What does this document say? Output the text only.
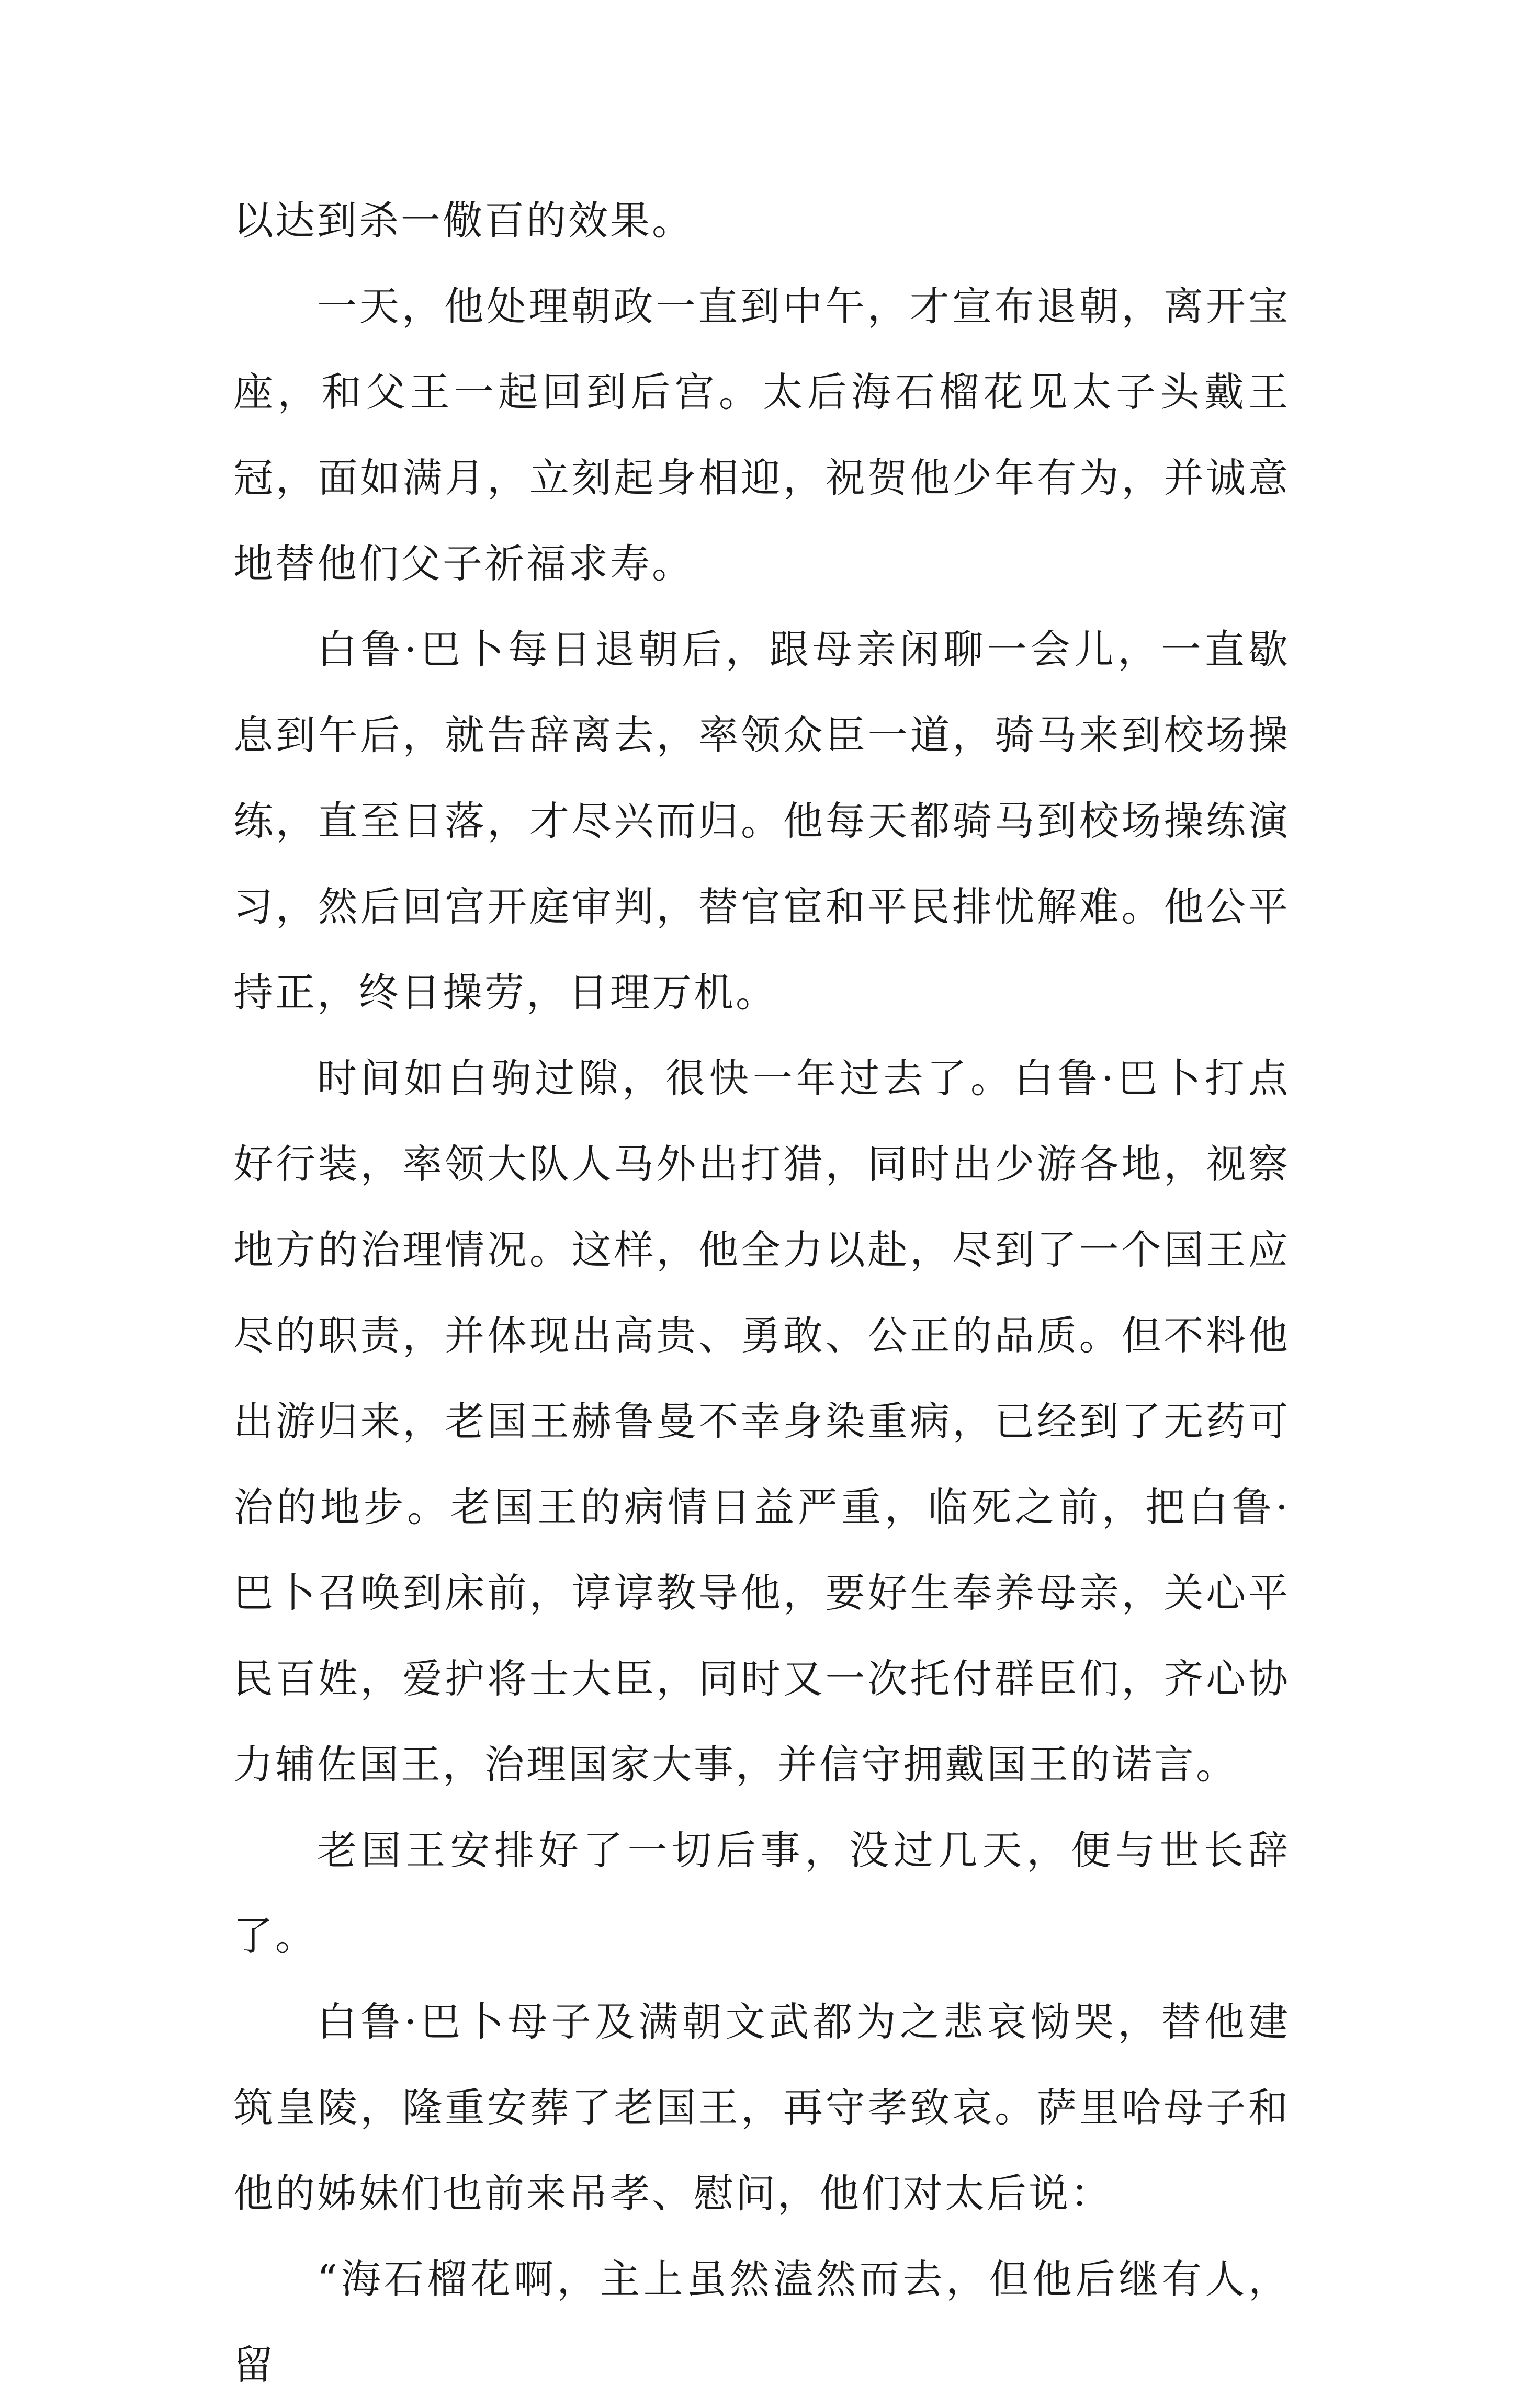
以达到杀一儆百的效果。

一天，他处理朝政一直到中午，才宣布退朝，离开宝座，和父王一起回到后宫。太后海石榴花见太子头戴王冠，面如满月，立刻起身相迎，祝贺他少年有为，并诚意地替他们父子祈福求寿。

白鲁·巴卜每日退朝后，跟母亲闲聊一会儿，一直歇息到午后，就告辞离去，率领众臣一道，骑马来到校场操练，直至日落，才尽兴而归。他每天都骑马到校场操练演习，然后回宫开庭审判，替官宦和平民排忧解难。他公平持正，终日操劳，日理万机。

时间如白驹过隙，很快一年过去了。白鲁·巴卜打点好行装，率领大队人马外出打猎，同时出少游各地，视察地方的治理情况。这样，他全力以赴，尽到了一个国王应尽的职责，并体现出高贵、勇敢、公正的品质。但不料他出游归来，老国王赫鲁曼不幸身染重病，已经到了无药可治的地步。老国王的病情日益严重，临死之前，把白鲁·巴卜召唤到床前，谆谆教导他，要好生奉养母亲，关心平民百姓，爱护将士大臣，同时又一次托付群臣们，齐心协力辅佐国王，治理国家大事，并信守拥戴国王的诺言。

老国王安排好了一切后事，没过几天，便与世长辞了。

白鲁·巴卜母子及满朝文武都为之悲哀恸哭，替他建筑皇陵，隆重安葬了老国王，再守孝致哀。萨里哈母子和他的姊妹们也前来吊孝、慰问，他们对太后说：

“海石榴花啊，主上虽然溘然而去，但他后继有人，留
